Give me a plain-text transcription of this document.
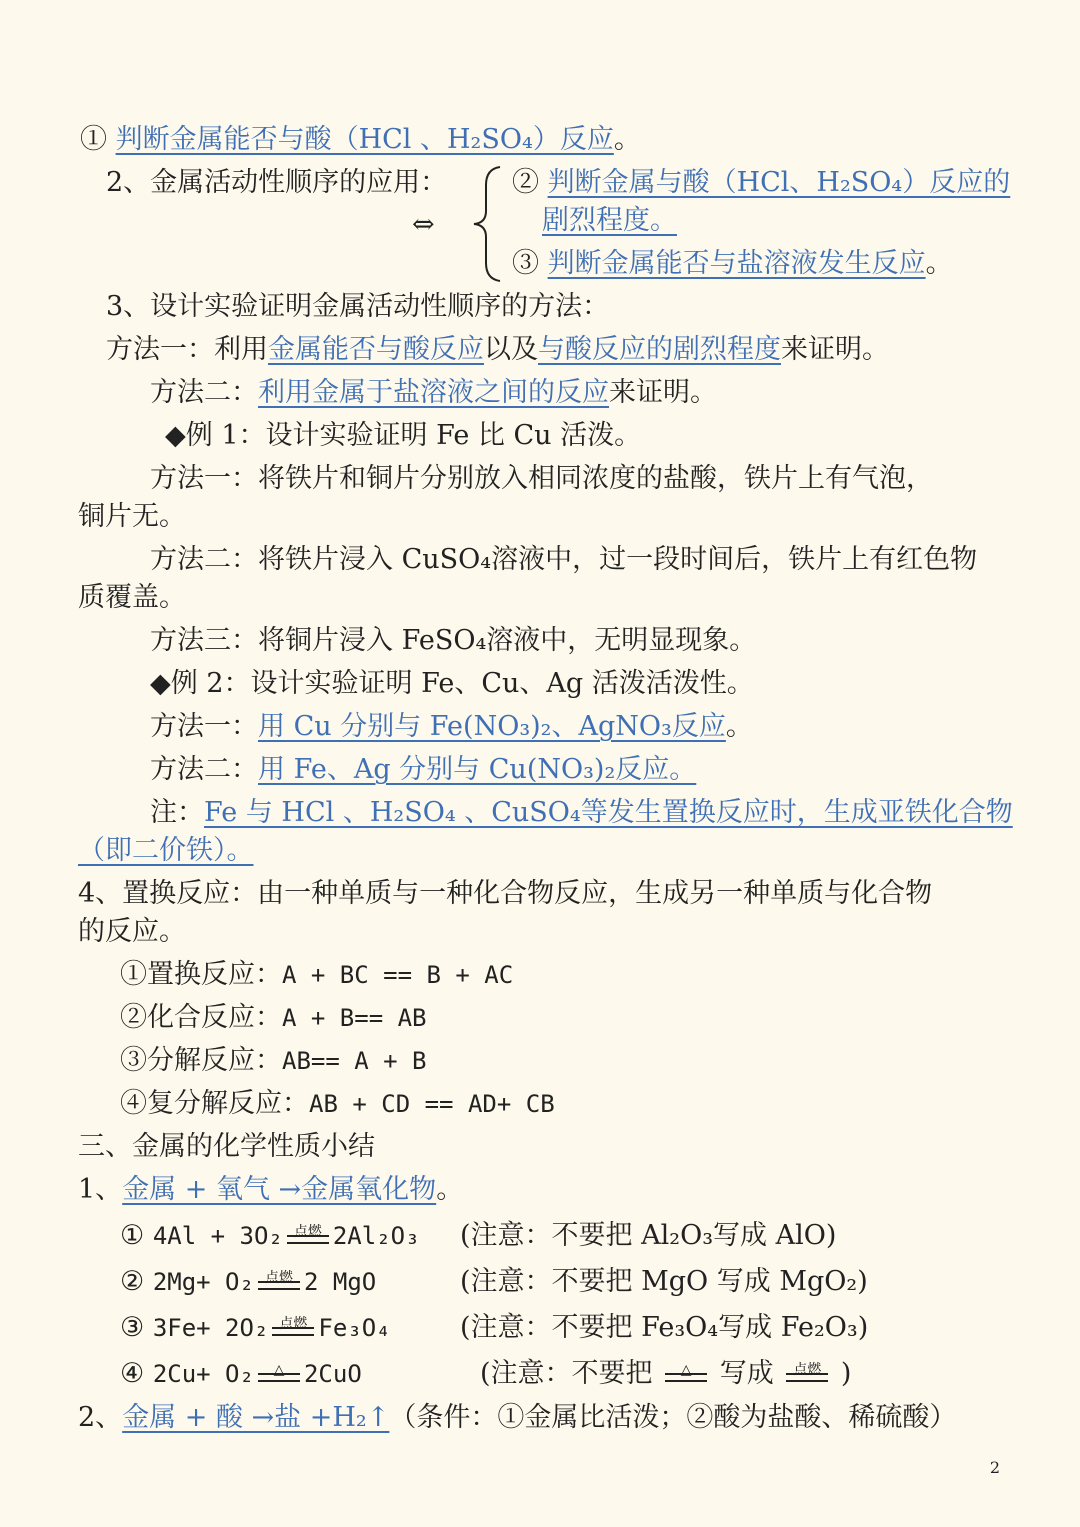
① 判断金属能否与酸（HCl 、H₂SO₄）反应。
2、金属活动性顺序的应用：
⇔
② 判断金属与酸（HCl、H₂SO₄）反应的
剧烈程度。
③ 判断金属能否与盐溶液发生反应。
3、设计实验证明金属活动性顺序的方法：
方法一：利用金属能否与酸反应以及与酸反应的剧烈程度来证明。
方法二：利用金属于盐溶液之间的反应来证明。
◆例 1：设计实验证明 Fe 比 Cu 活泼。
方法一：将铁片和铜片分别放入相同浓度的盐酸，铁片上有气泡，
铜片无。
方法二：将铁片浸入 CuSO₄溶液中，过一段时间后，铁片上有红色物
质覆盖。
方法三：将铜片浸入 FeSO₄溶液中，无明显现象。
◆例 2：设计实验证明 Fe、Cu、Ag 活泼活泼性。
方法一：用 Cu 分别与 Fe(NO₃)₂、AgNO₃反应。
方法二：用 Fe、Ag 分别与 Cu(NO₃)₂反应。
注：Fe 与 HCl 、H₂SO₄ 、CuSO₄等发生置换反应时，生成亚铁化合物
（即二价铁）。
4、置换反应：由一种单质与一种化合物反应，生成另一种单质与化合物
的反应。
①置换反应：A + BC == B + AC
②化合反应：A + B== AB
③分解反应：AB== A + B
④复分解反应：AB + CD == AD+ CB
三、金属的化学性质小结
1、金属 + 氧气 →金属氧化物。
① 4Al + 3O₂ 点燃 2Al₂O₃ (注意：不要把 Al₂O₃写成 AlO)
② 2Mg+ O₂ 点燃 2 MgO	(注意：不要把 MgO 写成 MgO₂)
③ 3Fe+ 2O₂ 点燃 Fe₃O₄	(注意：不要把 Fe₃O₄写成 Fe₂O₃)
④ 2Cu+ O₂ △ 2CuO	(注意：不要把 △ 写成 点燃 )
2、金属 + 酸 →盐 +H₂↑（条件：①金属比活泼；②酸为盐酸、稀硫酸）
2
